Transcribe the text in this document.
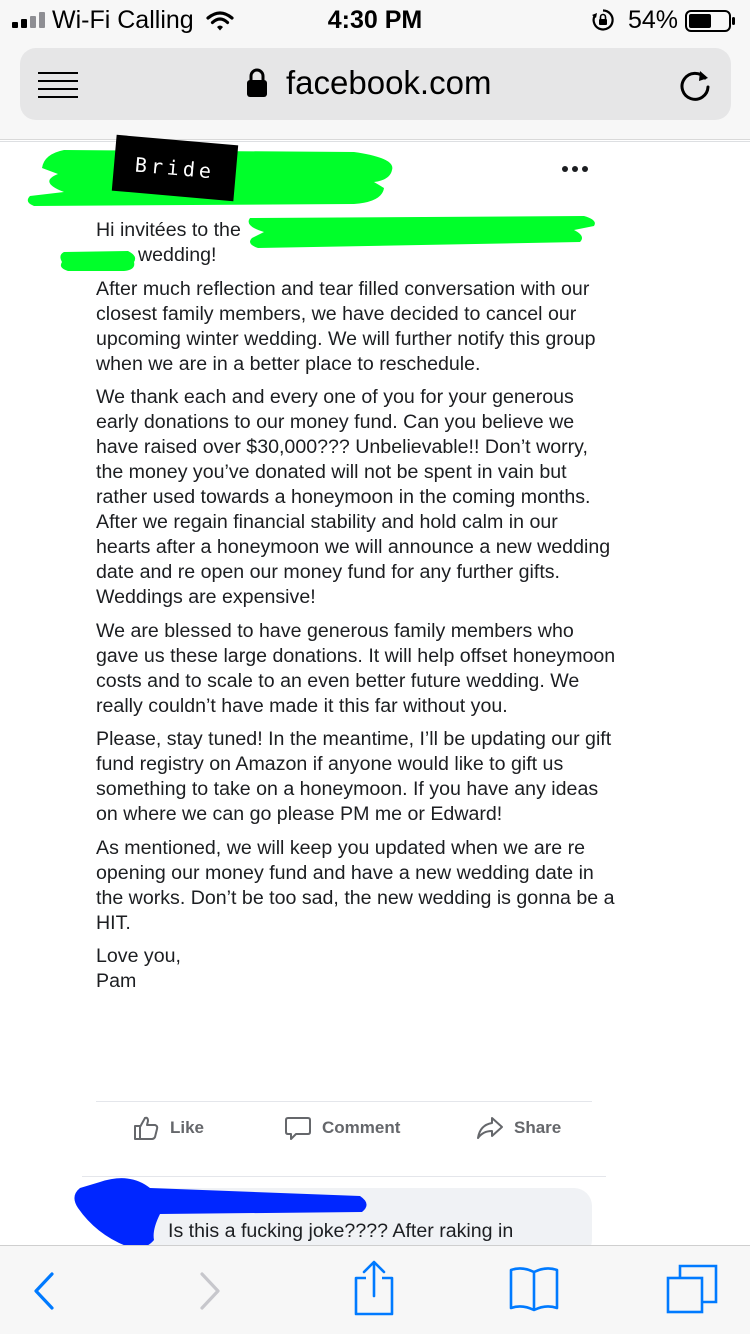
Wi-Fi Calling	4:30 PM	54%
facebook.com
Bride
Hi invitées to the
wedding!

After much reflection and tear filled conversation with our closest family members, we have decided to cancel our upcoming winter wedding. We will further notify this group when we are in a better place to reschedule.

We thank each and every one of you for your generous early donations to our money fund. Can you believe we have raised over $30,000??? Unbelievable!! Don’t worry, the money you’ve donated will not be spent in vain but rather used towards a honeymoon in the coming months. After we regain financial stability and hold calm in our hearts after a honeymoon we will announce a new wedding date and re open our money fund for any further gifts. Weddings are expensive!

We are blessed to have generous family members who gave us these large donations. It will help offset honeymoon costs and to scale to an even better future wedding. We really couldn’t have made it this far without you.

Please, stay tuned! In the meantime, I’ll be updating our gift fund registry on Amazon if anyone would like to gift us something to take on a honeymoon. If you have any ideas on where we can go please PM me or Edward!

As mentioned, we will keep you updated when we are re opening our money fund and have a new wedding date in the works. Don’t be too sad, the new wedding is gonna be a HIT.

Love you,
Pam
Like	Comment	Share
Is this a fucking joke???? After raking in
